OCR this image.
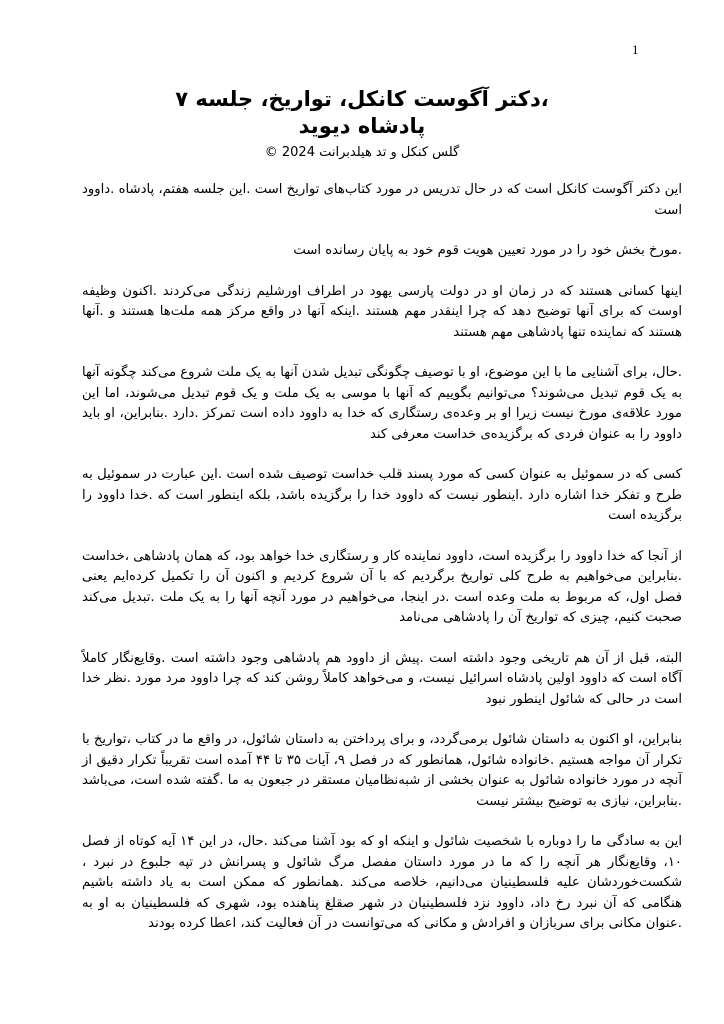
1
،دکتر آگوست کانکل، تواریخ، جلسه ۷
پادشاه دیوید
گلس کنکل و تد هیلدبرانت 2024 ©

این دکتر آگوست کانکل است که در حال تدریس در مورد کتاب‌های تواریخ است .این جلسه هفتم، پادشاه .داوود است

.مورخ بخش خود را در مورد تعیین هویت قوم خود به پایان رسانده است

اینها کسانی هستند که در زمان او در دولت پارسی یهود در اطراف اورشلیم زندگی می‌کردند .اکنون وظیفه اوست که برای آنها توضیح دهد که چرا اینقدر مهم هستند .اینکه آنها در واقع مرکز همه ملت‌ها هستند و .آنها هستند که نماینده تنها پادشاهی مهم هستند

.حال، برای آشنایی ما با این موضوع، او با توصیف چگونگی تبدیل شدن آنها به یک ملت شروع می‌کند چگونه آنها به یک قوم تبدیل می‌شوند؟ می‌توانیم بگوییم که آنها با موسی به یک ملت و یک قوم تبدیل می‌شوند، اما این مورد علاقه‌ی مورخ نیست زیرا او بر وعده‌ی رستگاری که خدا به داوود داده است تمرکز .دارد .بنابراین، او باید داوود را به عنوان فردی که برگزیده‌ی خداست معرفی کند

کسی که در سموئیل به عنوان کسی که مورد پسند قلب خداست توصیف شده است .این عبارت در سموئیل به طرح و تفکر خدا اشاره دارد .اینطور نیست که داوود خدا را برگزیده باشد، بلکه اینطور است که .خدا داوود را برگزیده است

از آنجا که خدا داوود را برگزیده است، داوود نماینده کار و رستگاری خدا خواهد بود، که همان پادشاهی ،خداست .بنابراین می‌خواهیم به طرح کلی تواریخ برگردیم که با آن شروع کردیم و اکنون آن را تکمیل کرده‌ایم یعنی فصل اول، که مربوط به ملت وعده است .در اینجا، می‌خواهیم در مورد آنچه آنها را به یک ملت .تبدیل می‌کند صحبت کنیم، چیزی که تواریخ آن را پادشاهی می‌نامد

البته، قبل از آن هم تاریخی وجود داشته است .پیش از داوود هم پادشاهی وجود داشته است .وقایع‌نگار کاملاً آگاه است که داوود اولین پادشاه اسرائیل نیست، و می‌خواهد کاملاً روشن کند که چرا داوود مرد مورد .نظر خدا است در حالی که شائول اینطور نبود

بنابراین، او اکنون به داستان شائول برمی‌گردد، و برای پرداختن به داستان شائول، در واقع ما در کتاب ،تواریخ با تکرار آن مواجه هستیم .خانواده شائول، همانطور که در فصل ۹، آیات ۳۵ تا ۴۴ آمده است تقریباً تکرار دقیق از آنچه در مورد خانواده شائول به عنوان بخشی از شبه‌نظامیان مستقر در جبعون به ما .گفته شده است، می‌باشد .بنابراین، نیازی به توضیح بیشتر نیست

این به سادگی ما را دوباره با شخصیت شائول و اینکه او که بود آشنا می‌کند .حال، در این ۱۴ آیه کوتاه از فصل ۱۰، وقایع‌نگار هر آنچه را که ما در مورد داستان مفصل مرگ شائول و پسرانش در تپه جلبوع در نبرد ، شکست‌خوردشان علیه فلسطینیان می‌دانیم، خلاصه می‌کند .همانطور که ممکن است به یاد داشته باشیم هنگامی که آن نبرد رخ داد، داوود نزد فلسطینیان در شهر صقلغ پناهنده بود، شهری که فلسطینیان به او به .عنوان مکانی برای سربازان و افرادش و مکانی که می‌توانست در آن فعالیت کند، اعطا کرده بودند
